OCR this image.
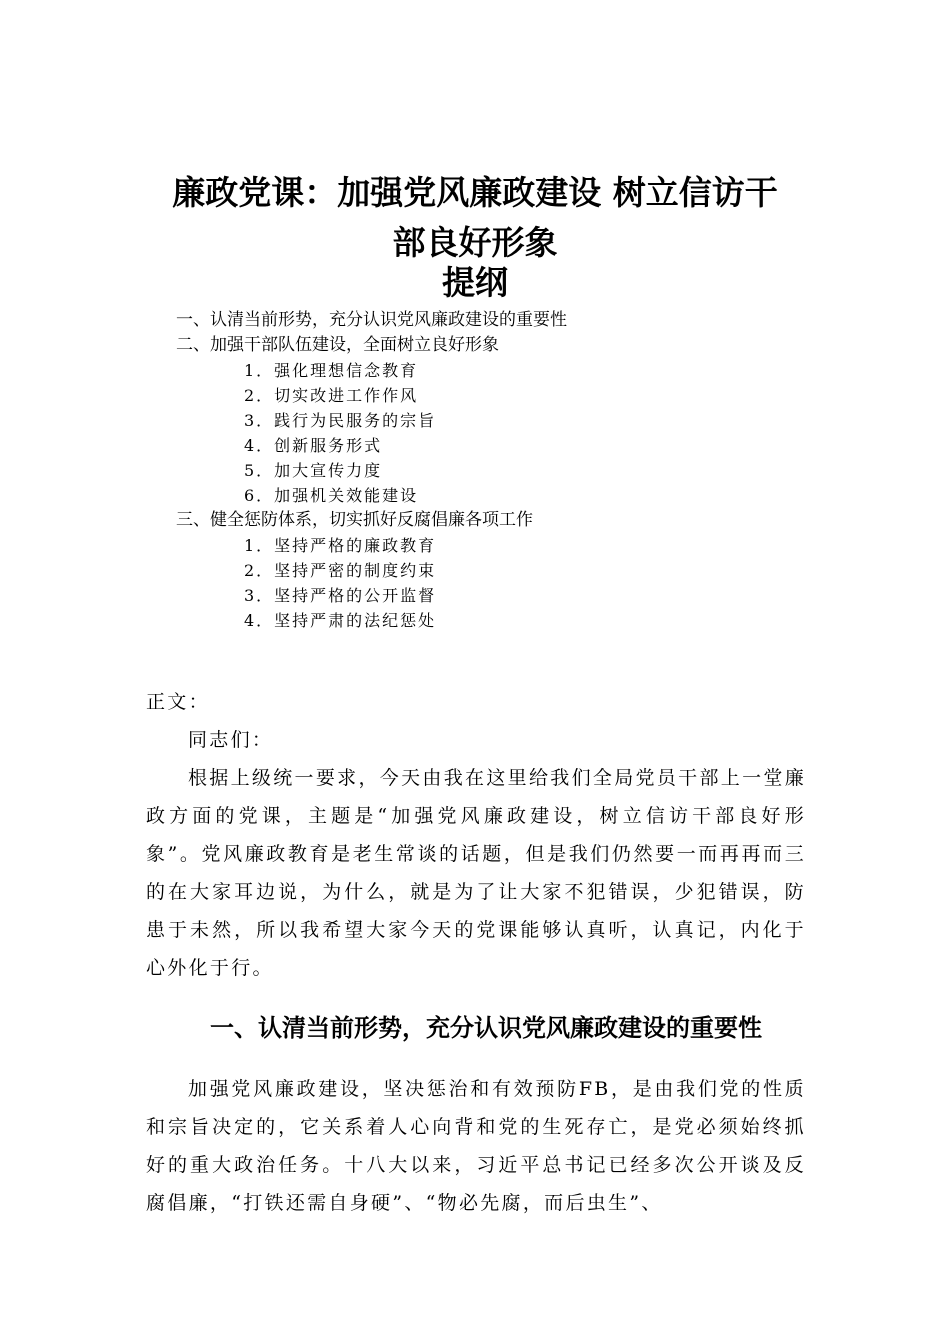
廉政党课：加强党风廉政建设 树立信访干
部良好形象
提纲
一、认清当前形势，充分认识党风廉政建设的重要性
二、加强干部队伍建设，全面树立良好形象
1．强化理想信念教育
2．切实改进工作作风
3．践行为民服务的宗旨
4．创新服务形式
5．加大宣传力度
6．加强机关效能建设
三、健全惩防体系，切实抓好反腐倡廉各项工作
1．坚持严格的廉政教育
2．坚持严密的制度约束
3．坚持严格的公开监督
4．坚持严肃的法纪惩处
正文：
同志们：
根据上级统一要求，今天由我在这里给我们全局党员干部上一堂廉政方面的党课，主题是“加强党风廉政建设，树立信访干部良好形象”。党风廉政教育是老生常谈的话题，但是我们仍然要一而再再而三的在大家耳边说，为什么，就是为了让大家不犯错误，少犯错误，防患于未然，所以我希望大家今天的党课能够认真听，认真记，内化于心外化于行。
一、认清当前形势，充分认识党风廉政建设的重要性
加强党风廉政建设，坚决惩治和有效预防FB，是由我们党的性质和宗旨决定的，它关系着人心向背和党的生死存亡，是党必须始终抓好的重大政治任务。十八大以来，习近平总书记已经多次公开谈及反腐倡廉，“打铁还需自身硬”、“物必先腐，而后虫生”、
